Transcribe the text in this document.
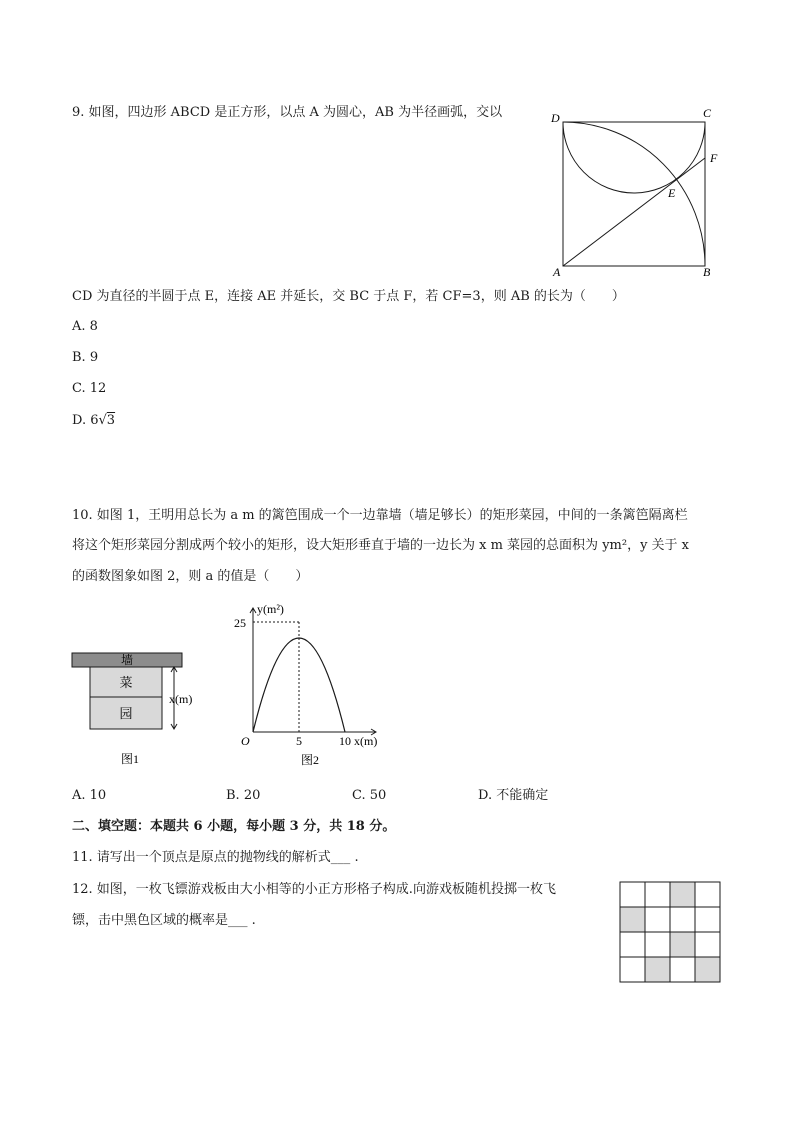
9. 如图，四边形 ABCD 是正方形，以点 A 为圆心，AB 为半径画弧，交以	D	C
F
E
A	B
CD 为直径的半圆于点 E，连接 AE 并延长，交 BC 于点 F，若 CF=3，则 AB 的长为（　　）
A. 8
B. 9
C. 12
D. 6√3
10. 如图 1，王明用总长为 a m 的篱笆围成一个一边靠墙（墙足够长）的矩形菜园，中间的一条篱笆隔离栏
将这个矩形菜园分割成两个较小的矩形，设大矩形垂直于墙的一边长为 x m 菜园的总面积为 ym²，y 关于 x
的函数图象如图 2，则 a 的值是（　　）
墙
菜
园
x(m)
图1
y(m²)
25
O	5	10 x(m)
图2
A. 10	B. 20	C. 50	D. 不能确定
二、填空题：本题共 6 小题，每小题 3 分，共 18 分。
11. 请写出一个顶点是原点的抛物线的解析式___ .
12. 如图，一枚飞镖游戏板由大小相等的小正方形格子构成.向游戏板随机投掷一枚飞
镖，击中黑色区域的概率是___ .
